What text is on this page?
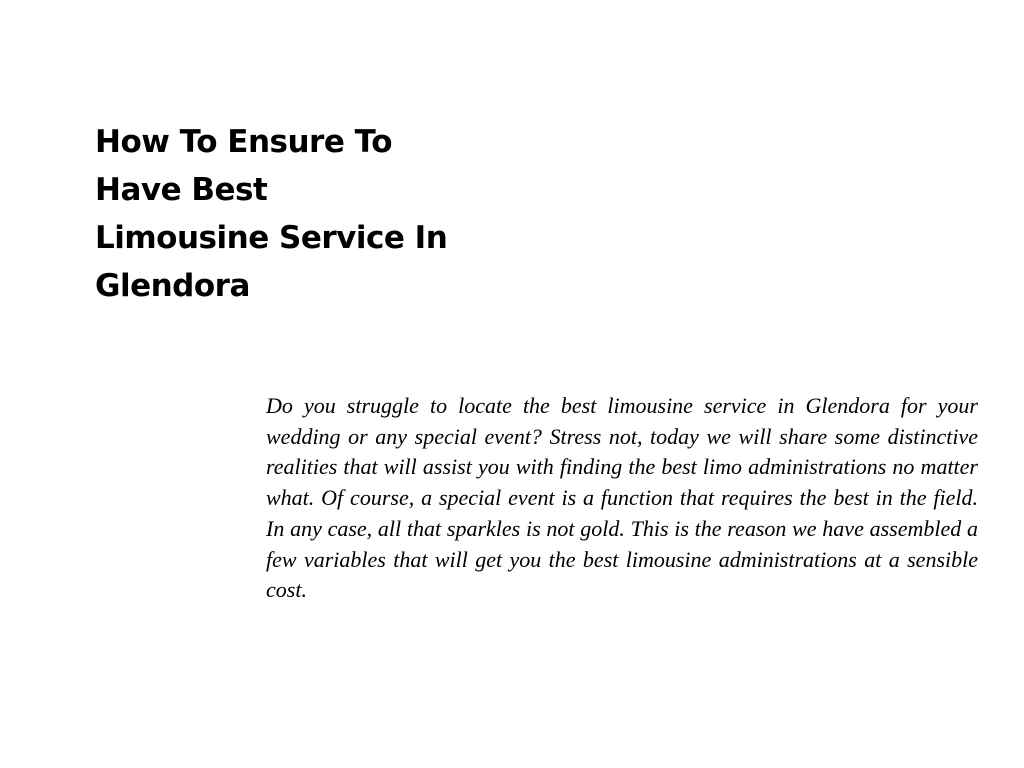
How To Ensure To
Have Best
Limousine Service In
Glendora

Do you struggle to locate the best limousine service in Glendora for your wedding or any special event? Stress not, today we will share some distinctive realities that will assist you with finding the best limo administrations no matter what. Of course, a special event is a function that requires the best in the field. In any case, all that sparkles is not gold. This is the reason we have assembled a few variables that will get you the best limousine administrations at a sensible cost.
